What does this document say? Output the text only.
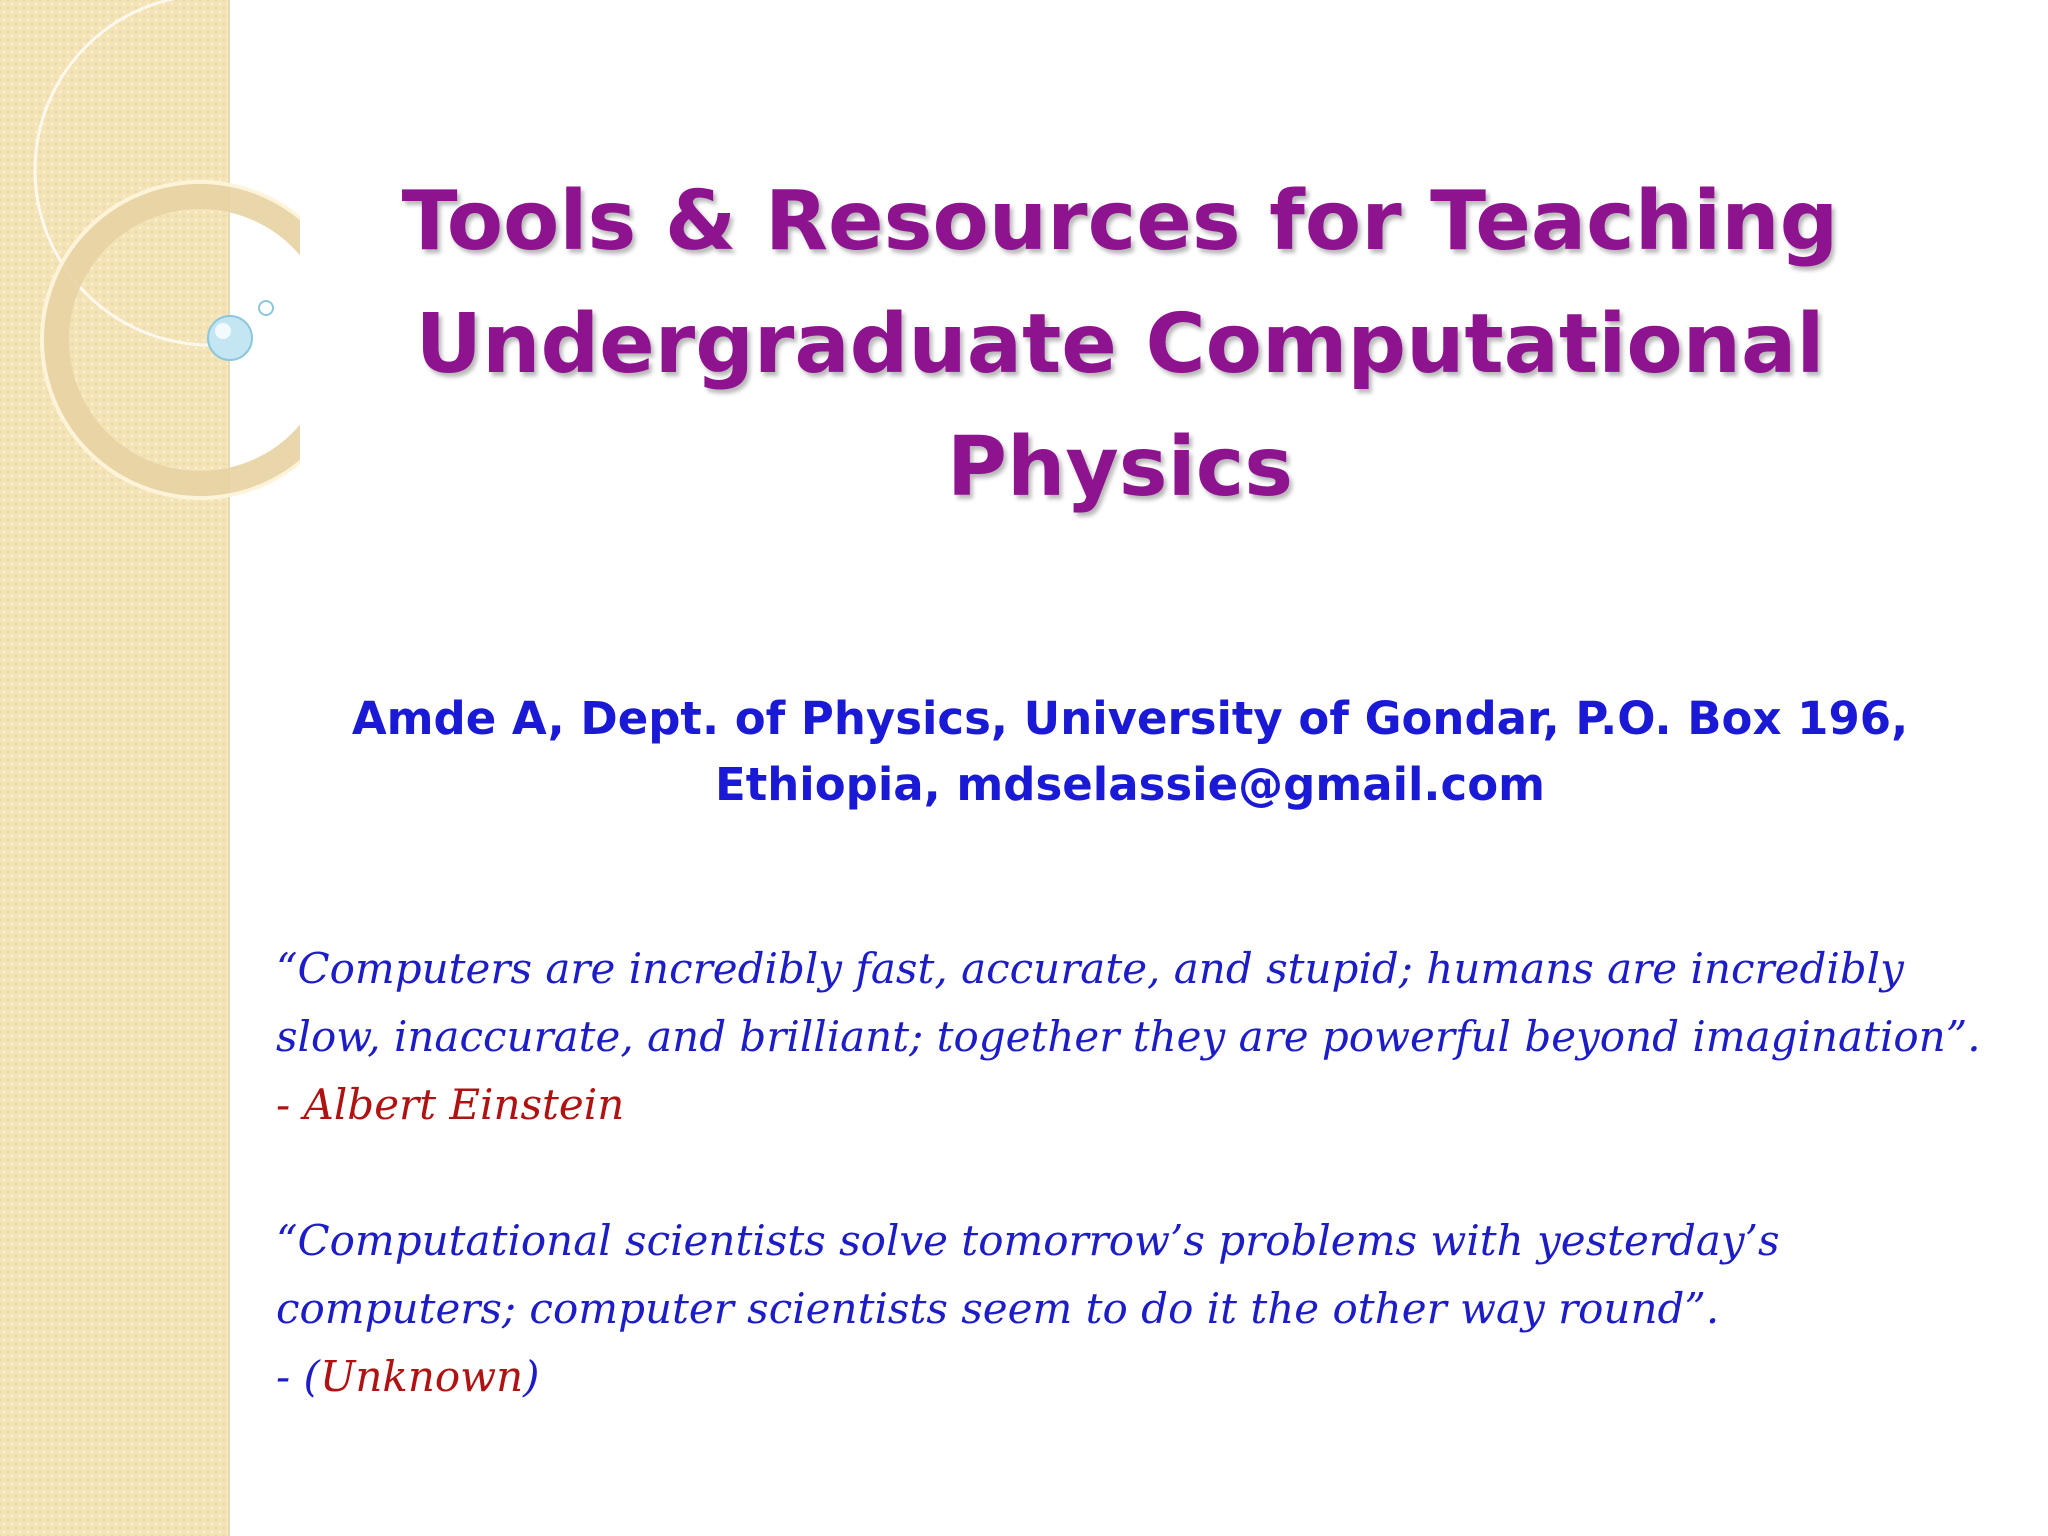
Tools & Resources for Teaching
Undergraduate Computational
Physics

Amde A, Dept. of Physics, University of Gondar, P.O. Box 196,
Ethiopia, mdselassie@gmail.com

“Computers are incredibly fast, accurate, and stupid; humans are incredibly
slow, inaccurate, and brilliant; together they are powerful beyond imagination”.
- Albert Einstein

“Computational scientists solve tomorrow’s problems with yesterday’s
computers; computer scientists seem to do it the other way round”.
- (Unknown)
